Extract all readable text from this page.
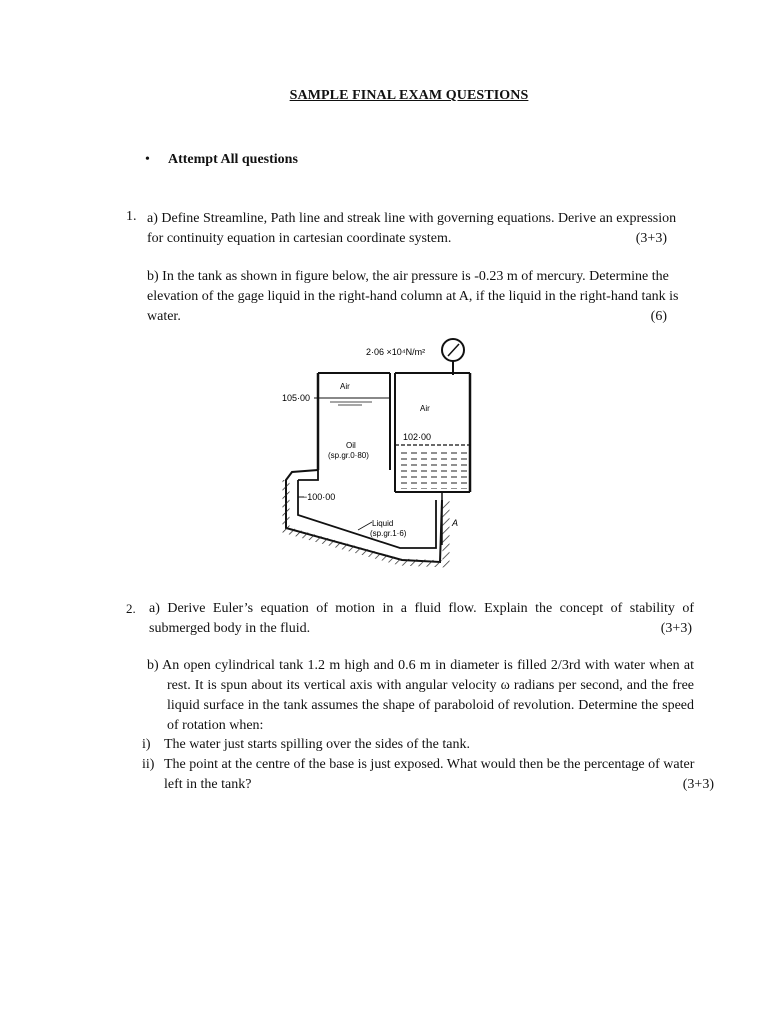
SAMPLE FINAL EXAM QUESTIONS
• Attempt All questions
1. a) Define Streamline, Path line and streak line with governing equations. Derive an expression
for continuity equation in cartesian coordinate system.	(3+3)
b) In the tank as shown in figure below, the air pressure is -0.23 m of mercury. Determine the
elevation of the gage liquid in the right-hand column at A, if the liquid in the right-hand tank is
water.	(6)
2·06 ×10⁴N/m²
Air
105·00
Oil
(sp.gr.0·80)
Air
102·00
−100·00
Liquid
(sp.gr.1·6)
A
2. a) Derive Euler’s equation of motion in a fluid flow. Explain the concept of stability of
submerged body in the fluid.	(3+3)
b) An open cylindrical tank 1.2 m high and 0.6 m in diameter is filled 2/3rd with water when at
rest. It is spun about its vertical axis with angular velocity ω radians per second, and the free
liquid surface in the tank assumes the shape of paraboloid of revolution. Determine the speed
of rotation when:
i) The water just starts spilling over the sides of the tank.
ii) The point at the centre of the base is just exposed. What would then be the percentage of water
left in the tank?	(3+3)
